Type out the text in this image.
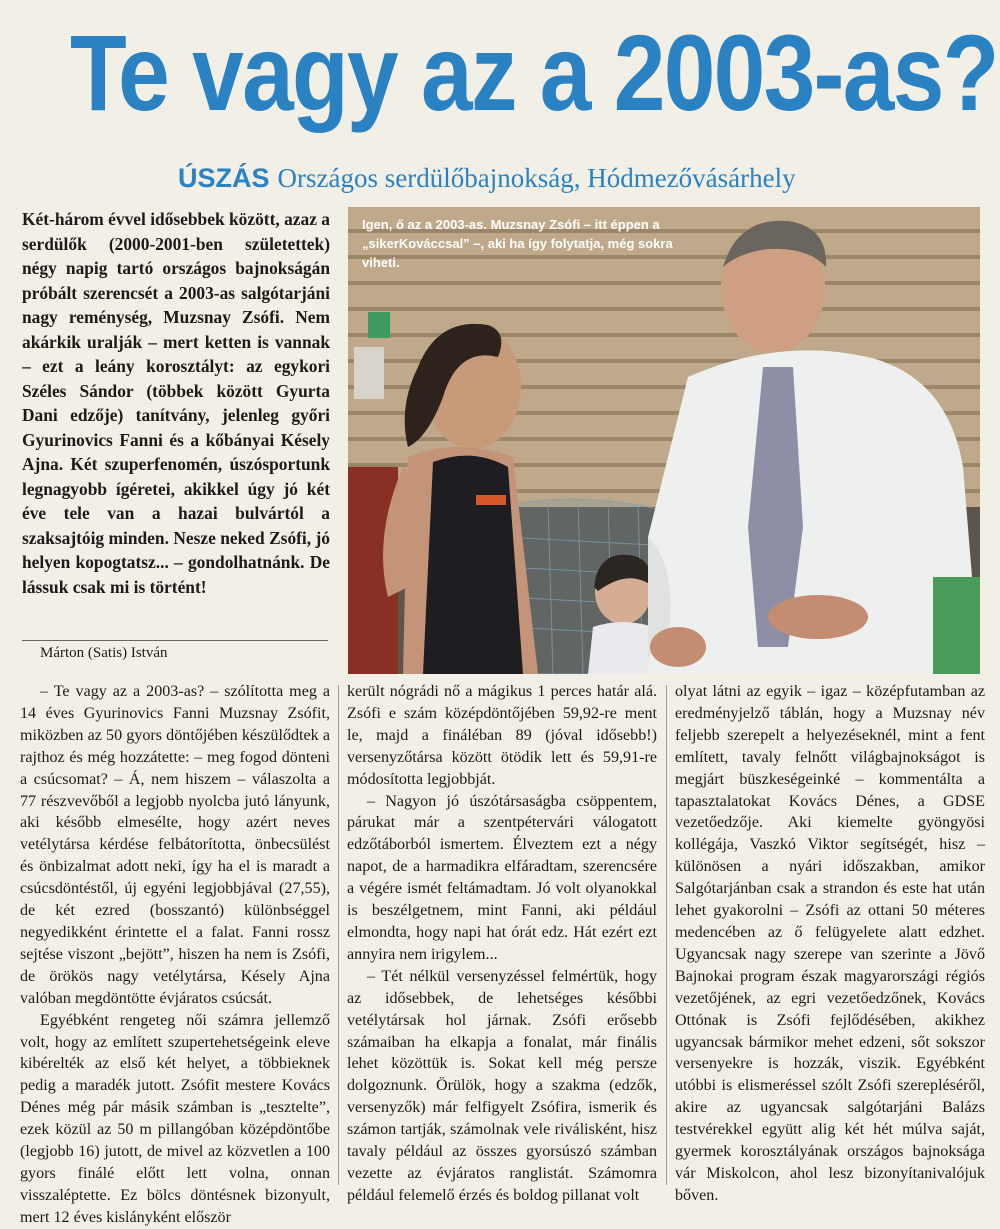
Te vagy az a 2003-as?
ÚSZÁS Országos serdülőbajnokság, Hódmezővásárhely

Két-három évvel idősebbek között, azaz a serdülők (2000-2001-ben születettek) négy napig tartó országos bajnokságán próbált szerencsét a 2003-as salgótarjáni nagy reménység, Muzsnay Zsófi. Nem akárkik uralják – mert ketten is vannak – ezt a leány korosztályt: az egykori Széles Sándor (többek között Gyurta Dani edzője) tanítvány, jelenleg győri Gyurinovics Fanni és a kőbányai Késely Ajna. Két szuperfenomén, úszósportunk legnagyobb ígéretei, akikkel úgy jó két éve tele van a hazai bulvártól a szaksajtóig minden. Nesze neked Zsófi, jó helyen kopogtatsz... – gondolhatnánk. De lássuk csak mi is történt!

Márton (Satis) István

Igen, ő az a 2003-as. Muzsnay Zsófi – itt éppen a „sikerKováccsal” –, aki ha így folytatja, még sokra viheti.

– Te vagy az a 2003-as? – szólította meg a 14 éves Gyurinovics Fanni Muzsnay Zsófit, miközben az 50 gyors döntőjében készülődtek a rajthoz és még hozzátette: – meg fogod dönteni a csúcsomat? – Á, nem hiszem – válaszolta a 77 részvevőből a legjobb nyolcba jutó lányunk, aki később elmesélte, hogy azért neves vetélytársa kérdése felbátorította, önbecsülést és önbizalmat adott neki, így ha el is maradt a csúcsdöntéstől, új egyéni legjobbjával (27,55), de két ezred (bosszantó) különbséggel negyedikként érintette el a falat. Fanni rossz sejtése viszont „bejött”, hiszen ha nem is Zsófi, de örökös nagy vetélytársa, Késely Ajna valóban megdöntötte évjáratos csúcsát.

Egyébként rengeteg női számra jellemző volt, hogy az említett szupertehetségeink eleve kibérelték az első két helyet, a többieknek pedig a maradék jutott. Zsófit mestere Kovács Dénes még pár másik számban is „tesztelte”, ezek közül az 50 m pillangóban középdöntőbe (legjobb 16) jutott, de mivel az közvetlen a 100 gyors finálé előtt lett volna, onnan visszaléptette. Ez bölcs döntésnek bizonyult, mert 12 éves kislányként először

került nógrádi nő a mágikus 1 perces határ alá. Zsófi e szám középdöntőjében 59,92-re ment le, majd a fináléban 89 (jóval idősebb!) versenyzőtársa között ötödik lett és 59,91-re módosította legjobbját.

– Nagyon jó úszótársaságba csöppentem, párukat már a szentpétervári válogatott edzőtáborból ismertem. Élveztem ezt a négy napot, de a harmadikra elfáradtam, szerencsére a végére ismét feltámadtam. Jó volt olyanokkal is beszélgetnem, mint Fanni, aki például elmondta, hogy napi hat órát edz. Hát ezért ezt annyira nem irigylem...

– Tét nélkül versenyzéssel felmértük, hogy az idősebbek, de lehetséges későbbi vetélytársak hol járnak. Zsófi erősebb számaiban ha elkapja a fonalat, már finális lehet közöttük is. Sokat kell még persze dolgoznunk. Örülök, hogy a szakma (edzők, versenyzők) már felfigyelt Zsófira, ismerik és számon tartják, számolnak vele riválisként, hisz tavaly például az összes gyorsúszó számban vezette az évjáratos ranglistát. Számomra például felemelő érzés és boldog pillanat volt

olyat látni az egyik – igaz – középfutamban az eredményjelző táblán, hogy a Muzsnay név feljebb szerepelt a helyezéseknél, mint a fent említett, tavaly felnőtt világbajnokságot is megjárt büszkeségeinké – kommentálta a tapasztalatokat Kovács Dénes, a GDSE vezetőedzője. Aki kiemelte gyöngyösi kollégája, Vaszkó Viktor segítségét, hisz – különösen a nyári időszakban, amikor Salgótarjánban csak a strandon és este hat után lehet gyakorolni – Zsófi az ottani 50 méteres medencében az ő felügyelete alatt edzhet. Ugyancsak nagy szerepe van szerinte a Jövő Bajnokai program észak magyarországi régiós vezetőjének, az egri vezetőedzőnek, Kovács Ottónak is Zsófi fejlődésében, akikhez ugyancsak bármikor mehet edzeni, sőt sokszor versenyekre is hozzák, viszik. Egyébként utóbbi is elismeréssel szólt Zsófi szerepléséről, akire az ugyancsak salgótarjáni Balázs testvérekkel együtt alig két hét múlva saját, gyermek korosztályának országos bajnoksága vár Miskolcon, ahol lesz bizonyítanivalójuk bőven.
